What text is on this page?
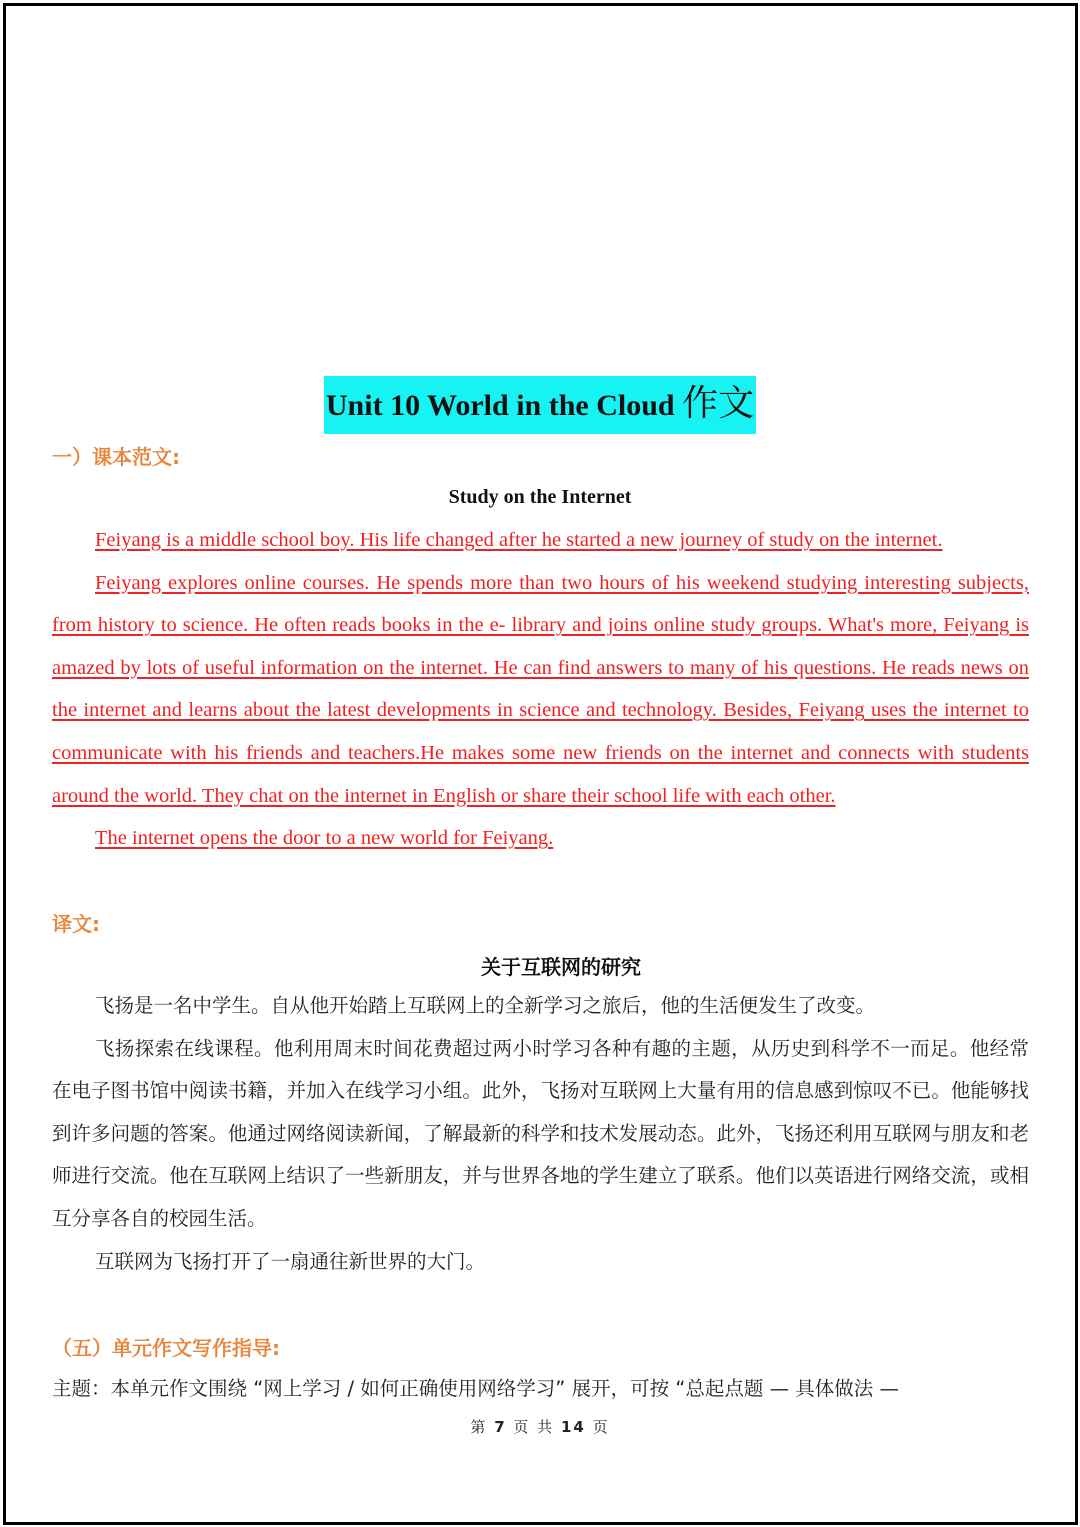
Unit 10 World in the Cloud 作文
一）课本范文:
Study on the Internet

Feiyang is a middle school boy. His life changed after he started a new journey of study on the internet.

Feiyang explores online courses. He spends more than two hours of his weekend studying interesting subjects, from history to science. He often reads books in the e- library and joins online study groups. What's more, Feiyang is amazed by lots of useful information on the internet. He can find answers to many of his questions. He reads news on the internet and learns about the latest developments in science and technology. Besides, Feiyang uses the internet to communicate with his friends and teachers.He makes some new friends on the internet and connects with students around the world. They chat on the internet in English or share their school life with each other.

The internet opens the door to a new world for Feiyang.

译文:
关于互联网的研究

飞扬是一名中学生。自从他开始踏上互联网上的全新学习之旅后，他的生活便发生了改变。

飞扬探索在线课程。他利用周末时间花费超过两小时学习各种有趣的主题，从历史到科学不一而足。他经常在电子图书馆中阅读书籍，并加入在线学习小组。此外，飞扬对互联网上大量有用的信息感到惊叹不已。他能够找到许多问题的答案。他通过网络阅读新闻，了解最新的科学和技术发展动态。此外，飞扬还利用互联网与朋友和老师进行交流。他在互联网上结识了一些新朋友，并与世界各地的学生建立了联系。他们以英语进行网络交流，或相互分享各自的校园生活。

互联网为飞扬打开了一扇通往新世界的大门。

（五）单元作文写作指导:
主题：本单元作文围绕 “网上学习 / 如何正确使用网络学习” 展开，可按 “总起点题 — 具体做法 —
第 7 页 共 14 页
